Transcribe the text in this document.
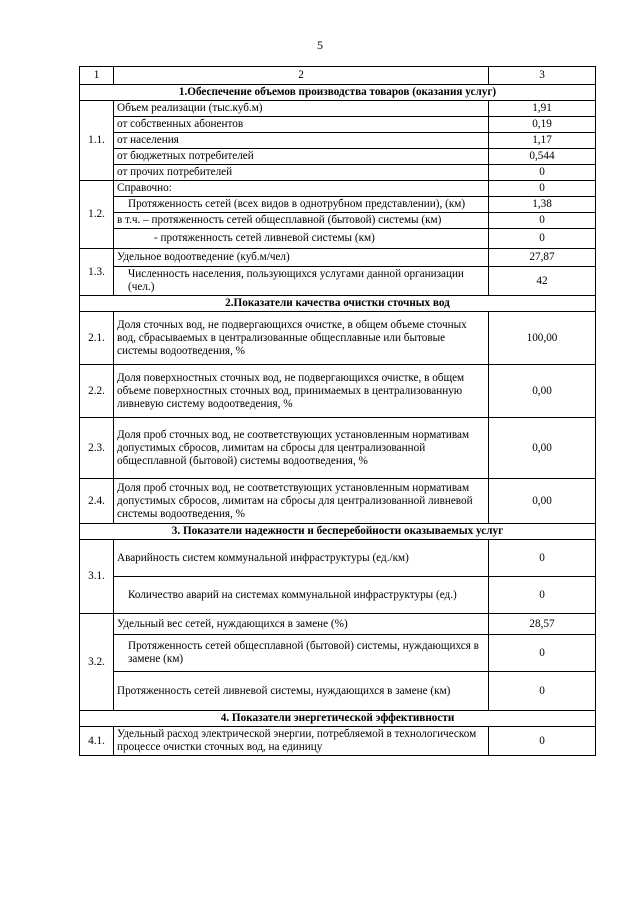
5
1	2	3
1.Обеспечение объемов производства товаров (оказания услуг)		
1.1.	Объем реализации (тыс.куб.м)	1,91
	от собственных абонентов	0,19
	от населения	1,17
	от бюджетных потребителей	0,544
	от прочих потребителей	0
1.2.	Справочно:	0
	Протяженность сетей (всех видов в однотрубном представлении), (км)	1,38
	в т.ч. – протяженность сетей общесплавной (бытовой) системы (км)	0
	- протяженность сетей ливневой системы (км)	0
1.3.	Удельное водоотведение (куб.м/чел)	27,87
	Численность населения, пользующихся услугами данной организации (чел.)	42
2.Показатели качества очистки сточных вод		
2.1.	Доля сточных вод, не подвергающихся очистке, в общем объеме сточных вод, сбрасываемых в централизованные общесплавные или бытовые системы водоотведения, %	100,00
2.2.	Доля поверхностных сточных вод, не подвергающихся очистке, в общем объеме поверхностных сточных вод, принимаемых в централизованную ливневую систему водоотведения, %	0,00
2.3.	Доля проб сточных вод, не соответствующих установленным нормативам допустимых сбросов, лимитам на сбросы для централизованной общесплавной (бытовой) системы водоотведения, %	0,00
2.4.	Доля проб сточных вод, не соответствующих установленным нормативам допустимых сбросов, лимитам на сбросы для централизованной ливневой системы водоотведения, %	0,00
3. Показатели надежности и бесперебойности оказываемых услуг		
3.1.	Аварийность систем коммунальной инфраструктуры (ед./км)	0
	Количество аварий на системах коммунальной инфраструктуры (ед.)	0
3.2.	Удельный вес сетей, нуждающихся в замене (%)	28,57
	Протяженность сетей общесплавной (бытовой) системы, нуждающихся в замене (км)	0
	Протяженность сетей ливневой системы, нуждающихся в замене (км)	0
4. Показатели энергетической эффективности		
4.1.	Удельный расход электрической энергии, потребляемой в технологическом процессе очистки сточных вод, на единицу	0
